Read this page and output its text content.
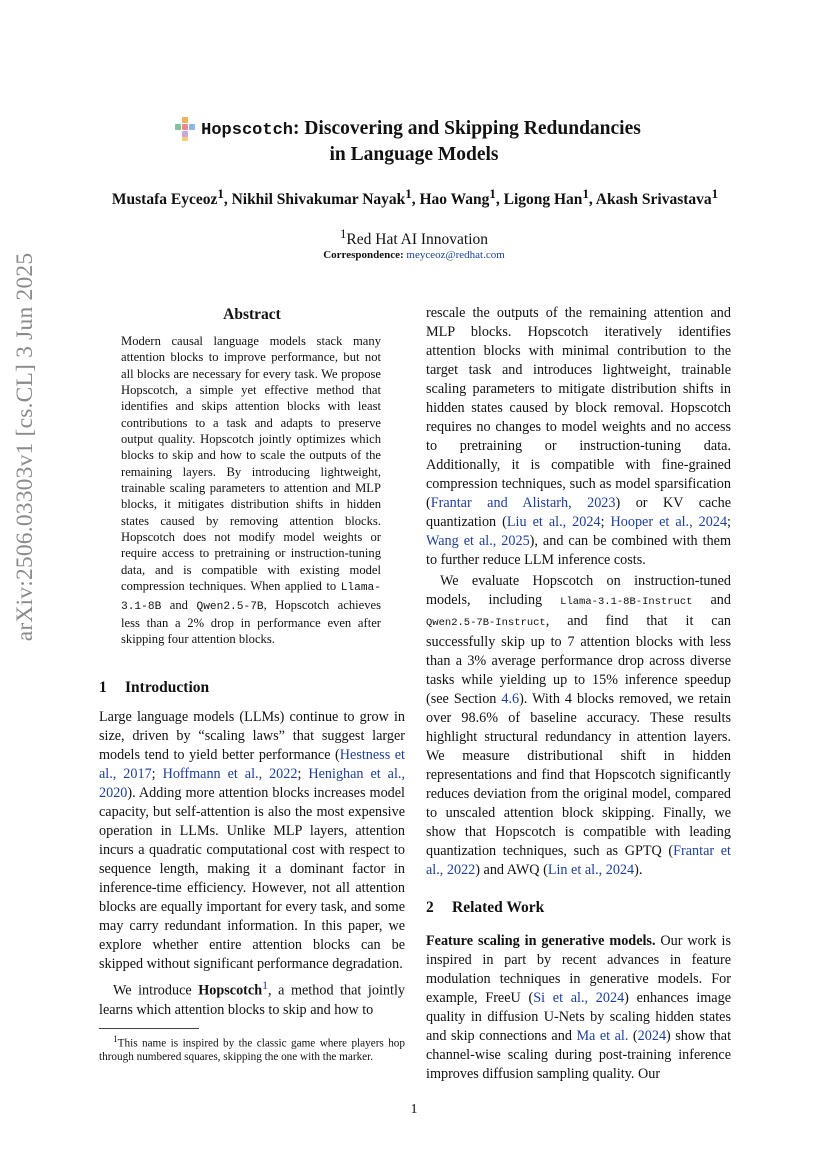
arXiv:2506.03303v1 [cs.CL] 3 Jun 2025
Hopscotch: Discovering and Skipping Redundancies
in Language Models
Mustafa Eyceoz$^1$, Nikhil Shivakumar Nayak$^1$, Hao Wang$^1$, Ligong Han$^1$, Akash Srivastava$^1$
$^1$Red Hat AI Innovation
Correspondence: meyceoz@redhat.com
Abstract
Modern causal language models stack many attention blocks to improve performance, but not all blocks are necessary for every task. We propose Hopscotch, a simple yet effective method that identifies and skips attention blocks with least contributions to a task and adapts to preserve output quality. Hopscotch jointly optimizes which blocks to skip and how to scale the outputs of the remaining layers. By introducing lightweight, trainable scaling parameters to attention and MLP blocks, it mitigates distribution shifts in hidden states caused by removing attention blocks. Hopscotch does not modify model weights or require access to pretraining or instruction-tuning data, and is compatible with existing model compression techniques. When applied to Llama-3.1-8B and Qwen2.5-7B, Hopscotch achieves less than a 2% drop in performance even after skipping four attention blocks.
1 Introduction

Large language models (LLMs) continue to grow in size, driven by “scaling laws” that suggest larger models tend to yield better performance (Hestness et al., 2017; Hoffmann et al., 2022; Henighan et al., 2020). Adding more attention blocks increases model capacity, but self-attention is also the most expensive operation in LLMs. Unlike MLP layers, attention incurs a quadratic computational cost with respect to sequence length, making it a dominant factor in inference-time efficiency. However, not all attention blocks are equally important for every task, and some may carry redundant information. In this paper, we explore whether entire attention blocks can be skipped without significant performance degradation.

We introduce Hopscotch$^1$, a method that jointly learns which attention blocks to skip and how to

rescale the outputs of the remaining attention and MLP blocks. Hopscotch iteratively identifies attention blocks with minimal contribution to the target task and introduces lightweight, trainable scaling parameters to mitigate distribution shifts in hidden states caused by block removal. Hopscotch requires no changes to model weights and no access to pretraining or instruction-tuning data. Additionally, it is compatible with fine-grained compression techniques, such as model sparsification (Frantar and Alistarh, 2023) or KV cache quantization (Liu et al., 2024; Hooper et al., 2024; Wang et al., 2025), and can be combined with them to further reduce LLM inference costs.

We evaluate Hopscotch on instruction-tuned models, including Llama-3.1-8B-Instruct and Qwen2.5-7B-Instruct, and find that it can successfully skip up to 7 attention blocks with less than a 3% average performance drop across diverse tasks while yielding up to 15% inference speedup (see Section 4.6). With 4 blocks removed, we retain over 98.6% of baseline accuracy. These results highlight structural redundancy in attention layers. We measure distributional shift in hidden representations and find that Hopscotch significantly reduces deviation from the original model, compared to unscaled attention block skipping. Finally, we show that Hopscotch is compatible with leading quantization techniques, such as GPTQ (Frantar et al., 2022) and AWQ (Lin et al., 2024).

2 Related Work

Feature scaling in generative models. Our work is inspired in part by recent advances in feature modulation techniques in generative models. For example, FreeU (Si et al., 2024) enhances image quality in diffusion U-Nets by scaling hidden states and skip connections and Ma et al. (2024) show that channel-wise scaling during post-training inference improves diffusion sampling quality. Our

$^1$This name is inspired by the classic game where players hop through numbered squares, skipping the one with the marker.
1
